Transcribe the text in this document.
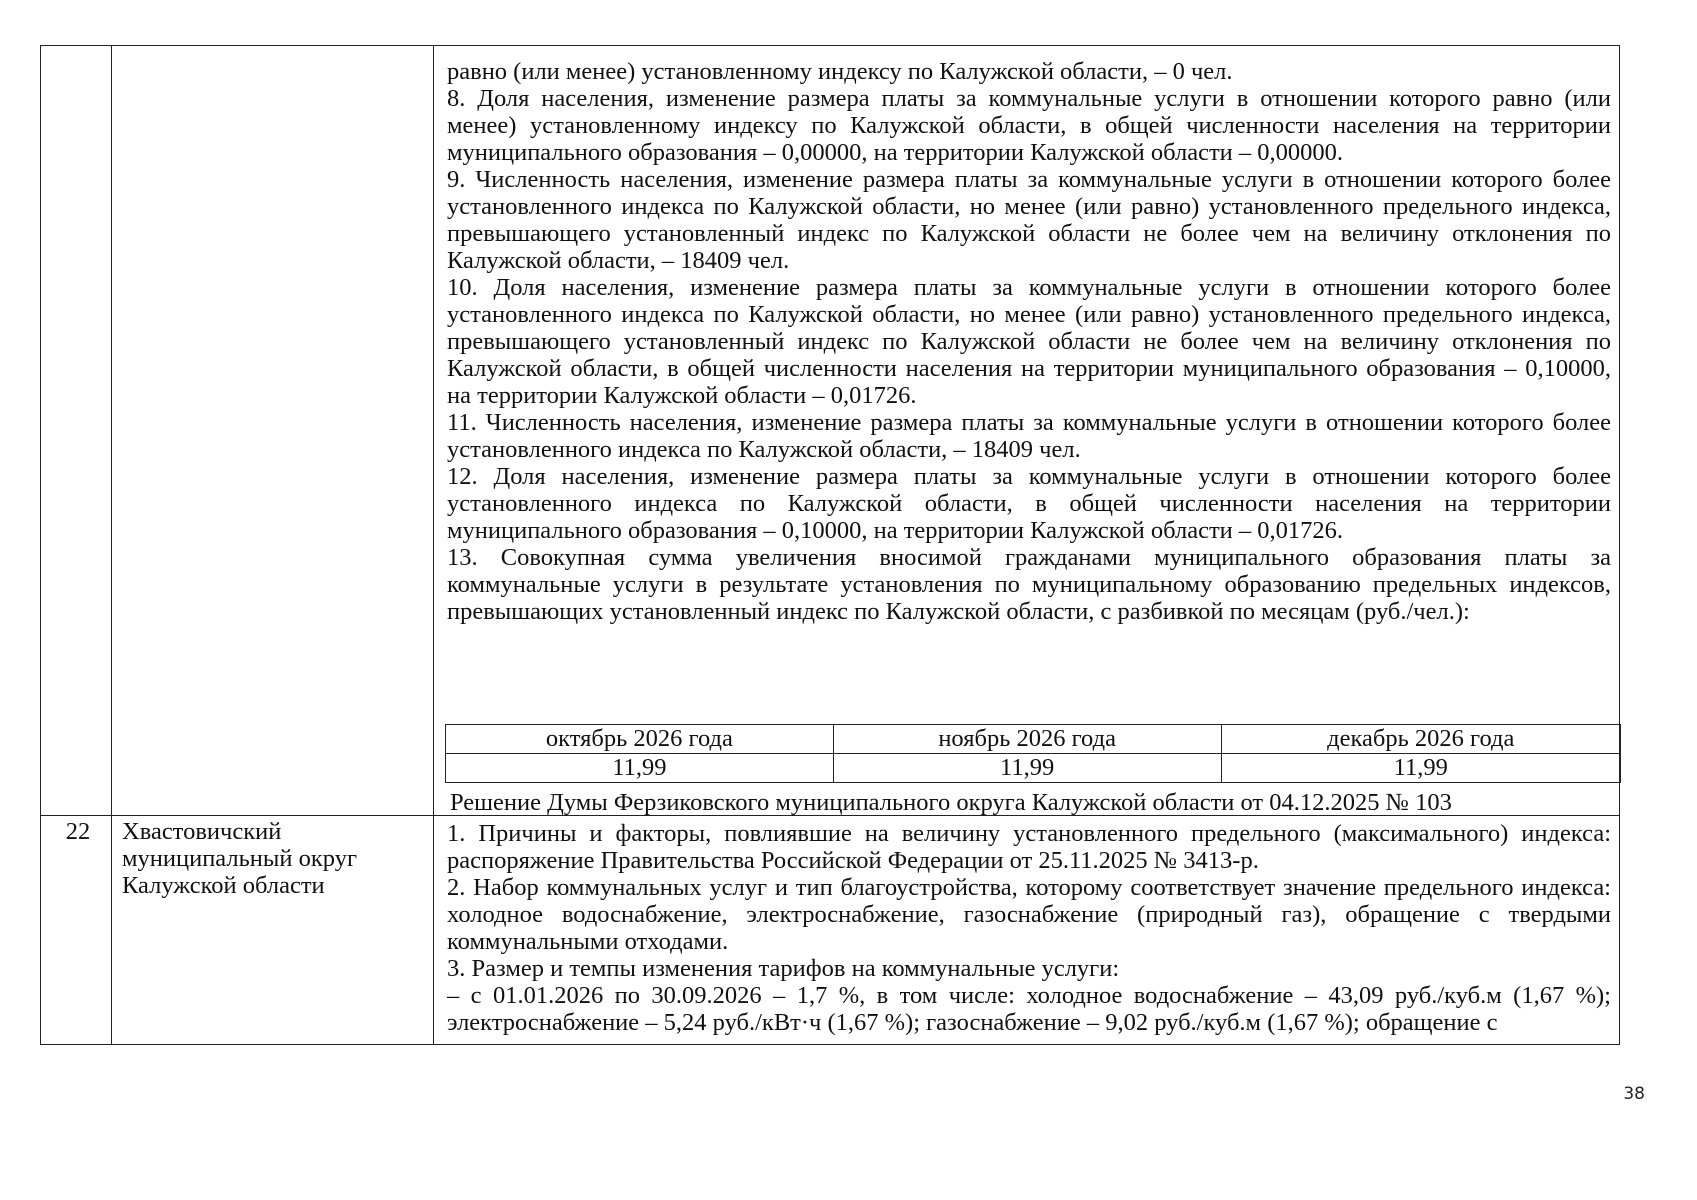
равно (или менее) установленному индексу по Калужской области, – 0 чел.

8. Доля населения, изменение размера платы за коммунальные услуги в отношении которого равно (или менее) установленному индексу по Калужской области, в общей численности населения на территории муниципального образования – 0,00000, на территории Калужской области – 0,00000.

9. Численность населения, изменение размера платы за коммунальные услуги в отношении которого более установленного индекса по Калужской области, но менее (или равно) установленного предельного индекса, превышающего установленный индекс по Калужской области не более чем на величину отклонения по Калужской области, – 18409 чел.

10. Доля населения, изменение размера платы за коммунальные услуги в отношении которого более установленного индекса по Калужской области, но менее (или равно) установленного предельного индекса, превышающего установленный индекс по Калужской области не более чем на величину отклонения по Калужской области, в общей численности населения на территории муниципального образования – 0,10000, на территории Калужской области – 0,01726.

11. Численность населения, изменение размера платы за коммунальные услуги в отношении которого более установленного индекса по Калужской области, – 18409 чел.

12. Доля населения, изменение размера платы за коммунальные услуги в отношении которого более установленного индекса по Калужской области, в общей численности населения на территории муниципального образования – 0,10000, на территории Калужской области – 0,01726.

13. Совокупная сумма увеличения вносимой гражданами муниципального образования платы за коммунальные услуги в результате установления по муниципальному образованию предельных индексов, превышающих установленный индекс по Калужской области, с разбивкой по месяцам (руб./чел.):

октябрь 2026 года	ноябрь 2026 года	декабрь 2026 года
11,99	11,99	11,99
Решение Думы Ферзиковского муниципального округа Калужской области от 04.12.2025 № 103
22	Хвастовичский муниципальный округ Калужской области

1. Причины и факторы, повлиявшие на величину установленного предельного (максимального) индекса: распоряжение Правительства Российской Федерации от 25.11.2025 № 3413-р.

2. Набор коммунальных услуг и тип благоустройства, которому соответствует значение предельного индекса: холодное водоснабжение, электроснабжение, газоснабжение (природный газ), обращение с твердыми коммунальными отходами.

3. Размер и темпы изменения тарифов на коммунальные услуги:

– с 01.01.2026 по 30.09.2026 – 1,7 %, в том числе: холодное водоснабжение – 43,09 руб./куб.м (1,67 %); электроснабжение – 5,24 руб./кВт·ч (1,67 %); газоснабжение – 9,02 руб./куб.м (1,67 %); обращение с

38
